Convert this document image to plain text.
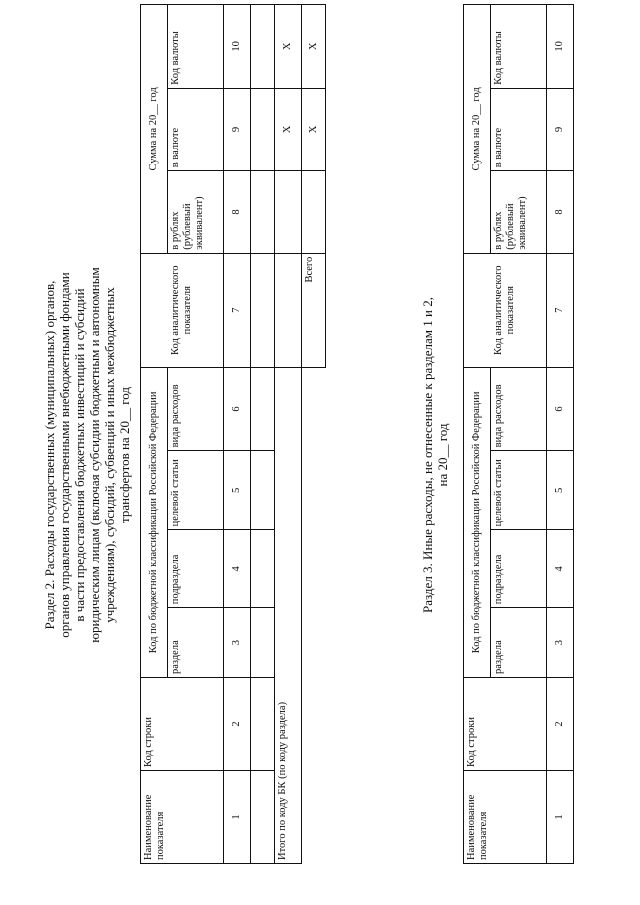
Раздел 2. Расходы государственных (муниципальных) органов, органов управления государственными внебюджетными фондами в части предоставления бюджетных инвестиций и субсидий юридическим лицам (включая субсидии бюджетным и автономным учреждениям), субсидий, субвенций и иных межбюджетных трансфертов на 20__ год
Наименование показателя	Код строки	Код по бюджетной классификации Российской Федерации				Код аналитического показателя	Сумма на 20__ год		
		раздела	подраздела	целевой статьи	вида расходов		в рублях (рублевый эквивалент)	в валюте	Код валюты
1	2	3	4	5	6	7	8	9	10

Итого по коду БК (по коду раздела)								Х	Х
						Всего		Х	Х
Раздел 3. Иные расходы, не отнесенные к разделам 1 и 2, на 20__ год
Наименование показателя	Код строки	Код по бюджетной классификации Российской Федерации				Код аналитического показателя	Сумма на 20__ год		
		раздела	подраздела	целевой статьи	вида расходов		в рублях (рублевый эквивалент)	в валюте	Код валюты
1	2	3	4	5	6	7	8	9	10
